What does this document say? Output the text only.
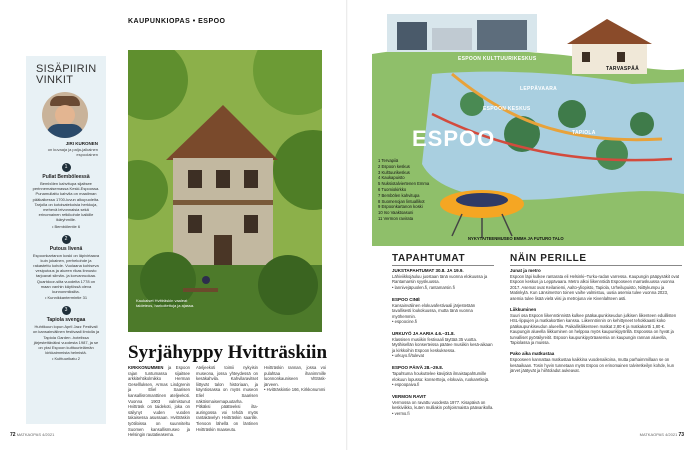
KAUPUNKIOPAS • ESPOO
SISÄPIIRIN
VINKIT
JIRI KURONEN
on kuvaaja ja palja-jalkainen espoolainen
1
Pullat Bemböleessä
Bembölen kahvitupa sijaitsee perinnemaisemassa Keski-Espoossa. Punamullattu kahvila on maailman pääkaikessa 1700-luvun alkupuolelta. Tarjolla on kotoisatekoisia herkkuja, mehevä leivonnaisia sekä erinomainen retkikohde kaikille ikäryhmille.
• Bembölentie 6
2
Putous livenä
Espoonkartanon koski on läpivirtaava kuin jokainen, perhekohde ja rakastettu kohde. Vuolaana kohiseva vesiputous ja alueen rikas linnusto tarjoavat silmän- ja korvanruokaa. Quartdoor-silta vuodelta 1778 on maan vanhin käytössä oleva kunnonmiksilta.
• Kunnikkantermintie 31
3
Tapiola svengaa
Huhtikuun lopun April Jazz Festivali on kansainvälinen festivaali ilmiolla ja Tapiola Garden -hotelissa järjestettäväksi vuodesta 1987, ja se on yksi Espoon kulttuurielämän kirkkaimmista helmistä.
• Kulttuurikatu 2
Kaukaiset Hvitträskin vaaleat taideteos, harkoitettuja ja ajassa.
Syrjähyppy Hvitträskiin
KIRKKONUMMEN ja Espoon rajan tuntumassa sijaitsee arkkitehtikolmikko Herman Gesellluksen, Armas Lindgrenin ja Eliel Saarisen kansallisromanttinen ateljeekoti. Vuonna 1903 valmistunut Hvitträsk on taidekoti, joka on säilynyt vuden vuoden takaisessa asussaan. Hvitträskin työtiloissa on suunniteltu Suomen kansallismuseo ja Helsingin rautatieasema.
Ateljeekoti toimii nykyisin museona, jossa yhteydessä on kesäkahvila. Kahvilaravitset liittyvät talon historiaan, ja käyntiosassa on myös museon Eliel Saarisen näköismaisemapuutarha. Pitkäksi päätteeksi ilta-auringossa voi tehdä myös rantakävelyn Hvitträskin saarille. Tienoon lähellä on läntinen Hvitträskin maaseutu.
Hvitträskin rannan, jossa voi pulahtaa ihanimmille luonnonkauniseen Vitträsk-järveen.
• Hvitträskintie 166, Kirkkonummi
72 MATKAOPAS 4/2021
ESPOON KULTTUURIKESKUS
TARVASPÄÄ
LEPPÄVAARA
ESPOON KESKUS
TAPIOLA
ESPOO
1 Tervapiiä
2 Espoon keskus
3 Kulttuurikeskus
4 Kaukapuisto
5 Nuksiotalviertenen Emma
6 Tuomiokirkko
7 Bembölen kahvitupa
8 Suomenojan lintuallikot
9 Espoonkartanon koski
10 Iso Vaaktoasuni
11 Vermon ravirata
NYKYTAITEENMUSEO EMMA JA FUTURO TALO
TAPAHTUMAT
JUKSTAPAHTUMAT 30.8. JA 19.9.
Lähiviikkojäuluu juostaan tänä vuonna elokuussa ja Rantamarsin syyskuussa.
• lannivejäpuolen.fi, rantamarsin.fi
ESPOO CINÉ
Kansainvälinen elokuvafestivaali järjestetään tavallisesti loukokuussa, mutta tänä vuonna myöhemmin.
• espoocine.fi
URKUYÖ JA AARIA 4.6.–31.8.
Klassisen musiikin festivaali täyttää 35 vuotta. Mytihisellän konserteissa päätee musiikin kesä-aikaan ja kirkkoihin Espoon keskuksessa.
• urkuyo.fi/tulevat
ESPOO PÄIVÄ 28.–29.8.
Tapahtuma houkuttelee kävijöitä ilmaistapahtumille elokuun lopussa: konsertteja, elokuvia, ruokaretkejä.
• espoopaiva.fi
VERMON RAVIT
Vermossa on ravattu vuodesta 1977. Kisapäivä on keskiviikko, kuten mulliakin pohjoismaista päävarikolla.
• vermo.fi
NÄIN PERILLE
Junat ja metro
Espoon läpi kulkee rantarata eli Helsinki–Turku-radan varressa. Kaupungin pääpysäkit ovat Espoon keskus ja Leppävaara. Metro alkoi liikennöidä Espooseen marraskuussa vuonna 2017. Asemat ovat Keilaniemi, Aalto-yliopisto, Tapiola, Urheilupuisto, Niittykumpu ja Matinkylä. Kun Länsimetron toinen vaihe valmistuu, uusia asemia tulee vuonna 2023, asemia tulee lisää vielä viisi ja metrojuna vie Kivenlahteen asti.
Liikkuminen
Suuri osa Espoon liikennöinnistä kulkee pääkaupunkiseudun julkisen liikenteen eduillisten HSL-lippujen ja matkakorttien kanssa. Liikennöinnin on kehittyneet tehokkaasti koko pääkaupunkiseudun alueella. Paikallisliikenteen matkat 2,80 € ja matkakortti 1,80 €. Kaupungin alueella liikkuminen on helppoa myös kaupunkipyörillä. Espoossa on hyvät ja turvalliset pyöräilyreitit. Espoon kaupunkipyöräasemia on kaupungin rannan alueella, Tapiolassa ja muissa.
Pako aika matkustaa
Espooseen kannattaa matkustaa kaikkina vuodenaikoina, mutta parhaimmillaan se on kesäaikaan. Tosin hyvin tunnetaan myös Espoo on erinomainen talviretkeilyn kohde, kun järvet jäätyvät ja hiihtoladut aukeavat.
MATKAOPAS 4/2021 73
